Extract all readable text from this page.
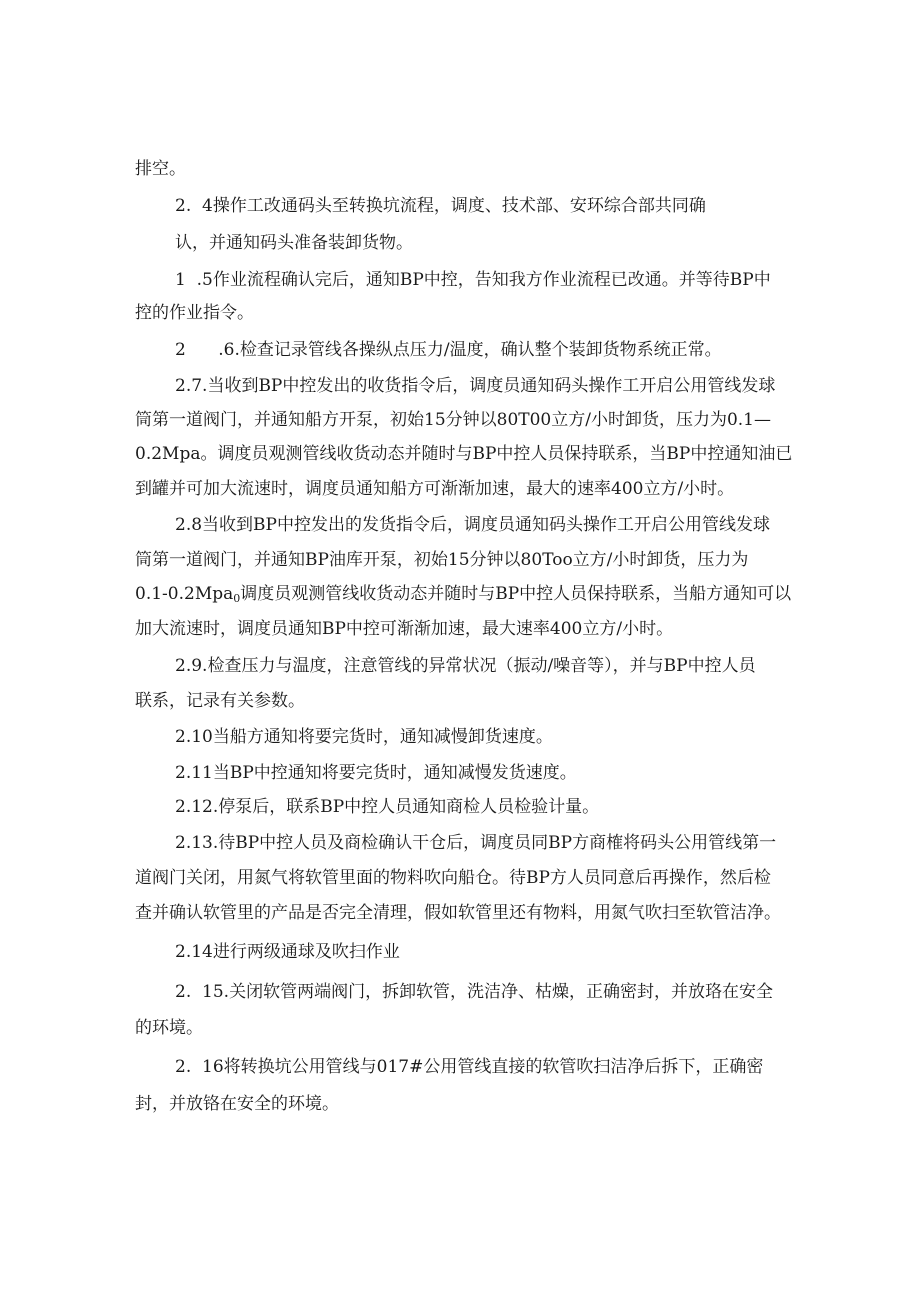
排空。
2.  4操作工改通码头至转换坑流程，调度、技术部、安环综合部共同确
认，并通知码头准备装卸货物。
1  .5作业流程确认完后，通知BP中控，告知我方作业流程已改通。并等待BP中
控的作业指令。
2      .6.检查记录管线各操纵点压力/温度，确认整个装卸货物系统正常。
2.7.当收到BP中控发出的收货指令后，调度员通知码头操作工开启公用管线发球
筒第一道阀门，并通知船方开泵，初始15分钟以80T00立方/小时卸货，压力为0.1—
0.2Mpa。调度员观测管线收货动态并随时与BP中控人员保持联系，当BP中控通知油已
到罐并可加大流速时，调度员通知船方可渐渐加速，最大的速率400立方/小时。
2.8当收到BP中控发出的发货指令后，调度员通知码头操作工开启公用管线发球
筒第一道阀门，并通知BP油库开泵，初始15分钟以80Too立方/小时卸货，压力为
0.1-0.2Mpa$_0$调度员观测管线收货动态并随时与BP中控人员保持联系，当船方通知可以
加大流速时，调度员通知BP中控可渐渐加速，最大速率400立方/小时。
2.9.检查压力与温度，注意管线的异常状况（振动/噪音等），并与BP中控人员
联系，记录有关参数。
2.10当船方通知将要完货时，通知减慢卸货速度。
2.11当BP中控通知将要完货时，通知减慢发货速度。
2.12.停泵后，联系BP中控人员通知商检人员检验计量。
2.13.待BP中控人员及商检确认干仓后，调度员同BP方商榷将码头公用管线第一
道阀门关闭，用氮气将软管里面的物料吹向船仓。待BP方人员同意后再操作，然后检
查并确认软管里的产品是否完全清理，假如软管里还有物料，用氮气吹扫至软管洁净。
2.14进行两级通球及吹扫作业
2.  15.关闭软管两端阀门，拆卸软管，洗洁净、枯燥，正确密封，并放珞在安全
的环境。
2.  16将转换坑公用管线与017#公用管线直接的软管吹扫洁净后拆下，正确密
封，并放铬在安全的环境。
